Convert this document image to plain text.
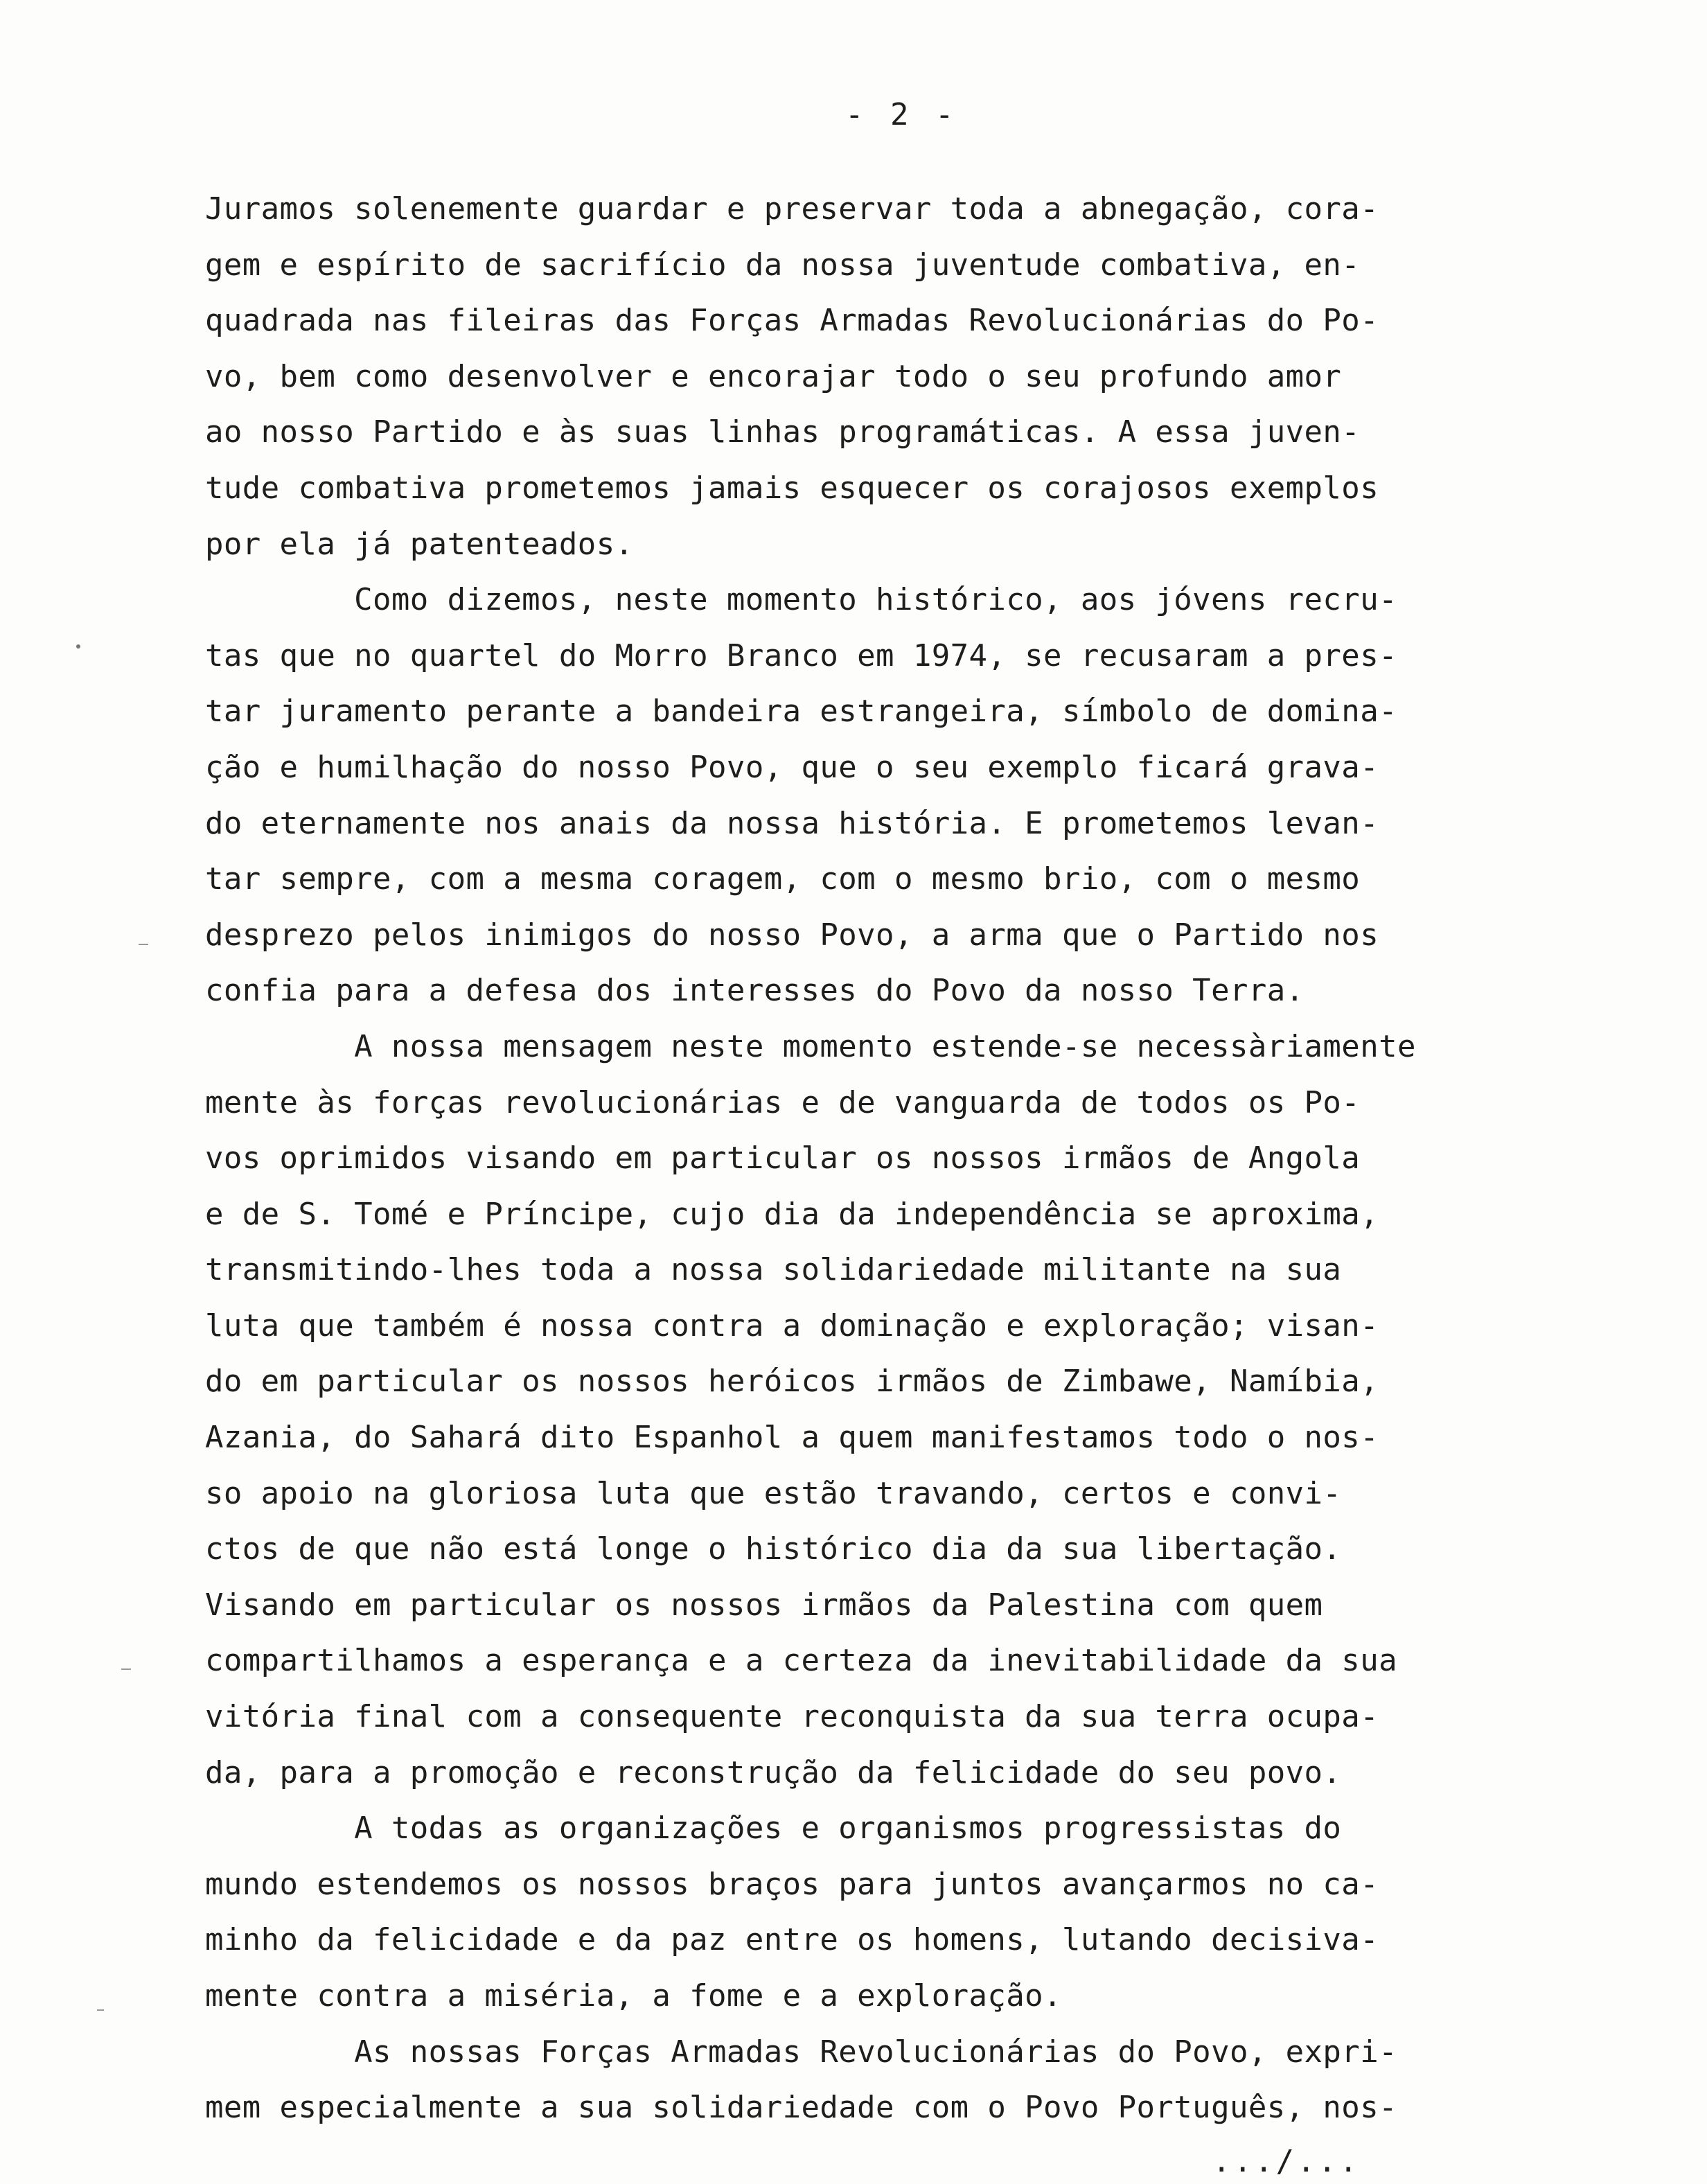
- 2 -
Juramos solenemente guardar e preservar toda a abnegação, cora-
gem e espírito de sacrifício da nossa juventude combativa, en-
quadrada nas fileiras das Forças Armadas Revolucionárias do Po-
vo, bem como desenvolver e encorajar todo o seu profundo amor
ao nosso Partido e às suas linhas programáticas. A essa juven-
tude combativa prometemos jamais esquecer os corajosos exemplos
por ela já patenteados.
Como dizemos, neste momento histórico, aos jóvens recru-
tas que no quartel do Morro Branco em 1974, se recusaram a pres-
tar juramento perante a bandeira estrangeira, símbolo de domina-
ção e humilhação do nosso Povo, que o seu exemplo ficará grava-
do eternamente nos anais da nossa história. E prometemos levan-
tar sempre, com a mesma coragem, com o mesmo brio, com o mesmo
desprezo pelos inimigos do nosso Povo, a arma que o Partido nos
confia para a defesa dos interesses do Povo da nosso Terra.
A nossa mensagem neste momento estende-se necessàriamente
mente às forças revolucionárias e de vanguarda de todos os Po-
vos oprimidos visando em particular os nossos irmãos de Angola
e de S. Tomé e Príncipe, cujo dia da independência se aproxima,
transmitindo-lhes toda a nossa solidariedade militante na sua
luta que também é nossa contra a dominação e exploração; visan-
do em particular os nossos heróicos irmãos de Zimbawe, Namíbia,
Azania, do Sahará dito Espanhol a quem manifestamos todo o nos-
so apoio na gloriosa luta que estão travando, certos e convi-
ctos de que não está longe o histórico dia da sua libertação.
Visando em particular os nossos irmãos da Palestina com quem
compartilhamos a esperança e a certeza da inevitabilidade da sua
vitória final com a consequente reconquista da sua terra ocupa-
da, para a promoção e reconstrução da felicidade do seu povo.
A todas as organizações e organismos progressistas do
mundo estendemos os nossos braços para juntos avançarmos no ca-
minho da felicidade e da paz entre os homens, lutando decisiva-
mente contra a miséria, a fome e a exploração.
As nossas Forças Armadas Revolucionárias do Povo, expri-
mem especialmente a sua solidariedade com o Povo Português, nos-
.../...
